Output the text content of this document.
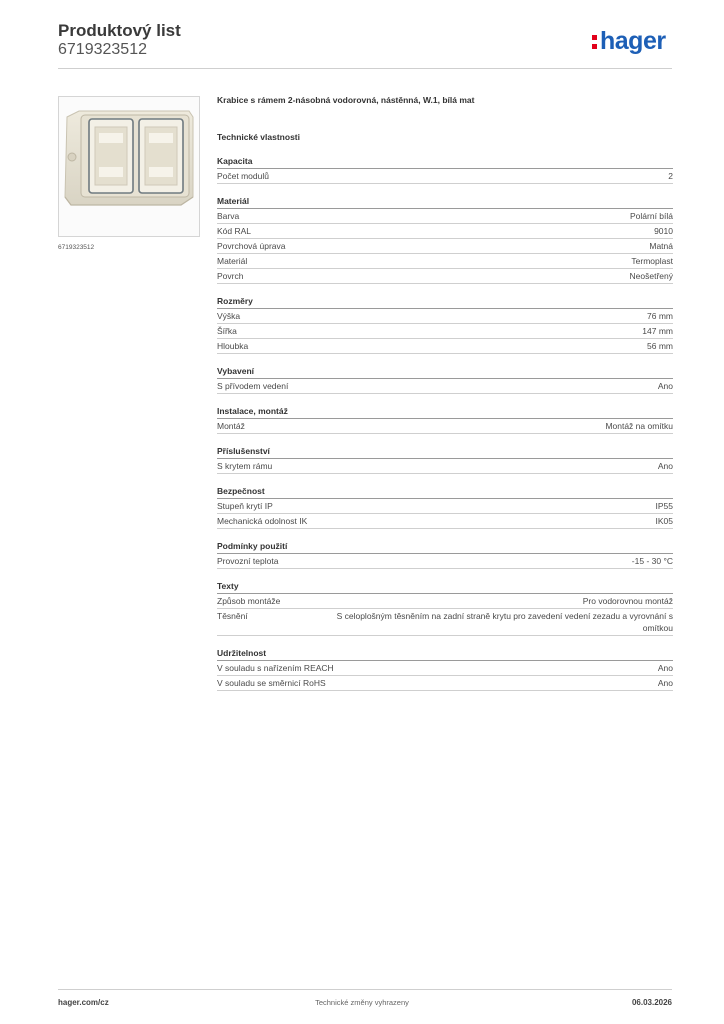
Produktový list
6719323512	hager
6719323512
Krabice s rámem 2-násobná vodorovná, nástěnná, W.1, bílá mat
Technické vlastnosti
Kapacita
Počet modulů	2
Materiál
Barva	Polární bílá
Kód RAL	9010
Povrchová úprava	Matná
Materiál	Termoplast
Povrch	Neošetřený
Rozměry
Výška	76 mm
Šířka	147 mm
Hloubka	56 mm
Vybavení
S přívodem vedení	Ano
Instalace, montáž
Montáž	Montáž na omítku
Příslušenství
S krytem rámu	Ano
Bezpečnost
Stupeň krytí IP	IP55
Mechanická odolnost IK	IK05
Podmínky použití
Provozní teplota	-15 - 30 °C
Texty
Způsob montáže	Pro vodorovnou montáž
Těsnění	S celoplošným těsněním na zadní straně krytu pro zavedení vedení zezadu a vyrovnání s omítkou
Udržitelnost
V souladu s nařízením REACH	Ano
V souladu se směrnicí RoHS	Ano
hager.com/cz	Technické změny vyhrazeny	06.03.2026
